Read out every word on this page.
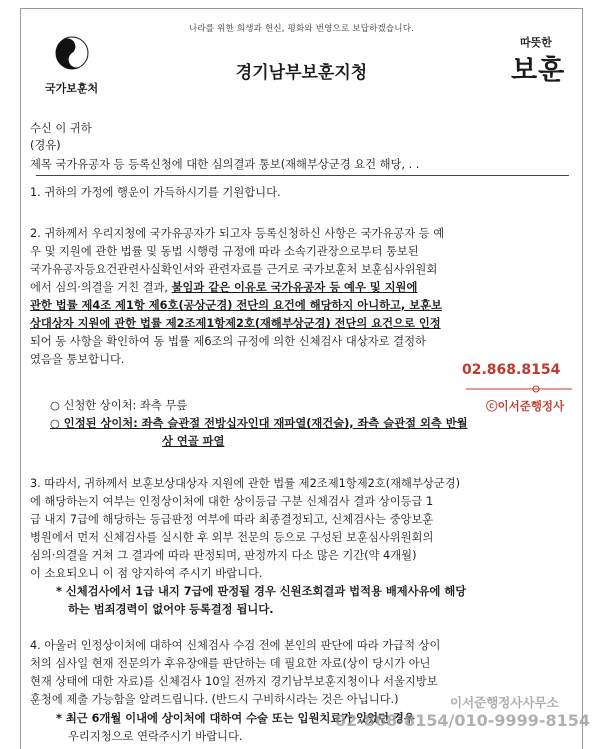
나라를 위한 희생과 헌신, 평화와 번영으로 보답하겠습니다.
국가보훈처
경기남부보훈지청
따뜻한
보훈
수신 이 귀하
(경유)
제목 국가유공자 등 등록신청에 대한 심의결과 통보(재해부상군경 요건 해당, . .
1. 귀하의 가정에 행운이 가득하시기를 기원합니다.
2. 귀하께서 우리지청에 국가유공자가 되고자 등록신청하신 사항은 국가유공자 등 예
우 및 지원에 관한 법률 및 동법 시행령 규정에 따라 소속기관장으로부터 통보된
국가유공자등요건관련사실확인서와 관련자료를 근거로 국가보훈처 보훈심사위원회
에서 심의·의결을 거친 결과, 불임과 같은 이유로 국가유공자 등 예우 및 지원에
관한 법률 제4조 제1항 제6호(공상군경) 전단의 요건에 해당하지 아니하고, 보훈보
상대상자 지원에 관한 법률 제2조제1항제2호(재해부상군경) 전단의 요건으로 인정
되어 동 사항을 확인하여 동 법률 제6조의 규정에 의한 신체검사 대상자로 결정하
였음을 통보합니다.
02.868.8154
ⓒ이서준행정사
○ 신청한 상이처: 좌측 무릎
○ 인정된 상이처: 좌측 슬관절 전방십자인대 재파열(재건술), 좌측 슬관절 외측 반월
상 연골 파열
3. 따라서, 귀하께서 보훈보상대상자 지원에 관한 법률 제2조제1항제2호(재해부상군경)
에 해당하는지 여부는 인정상이처에 대한 상이등급 구분 신체검사 결과 상이등급 1
급 내지 7급에 해당하는 등급판정 여부에 따라 최종결정되고, 신체검사는 중앙보훈
병원에서 먼저 신체검사를 실시한 후 외부 전문의 등으로 구성된 보훈심사위원회의
심의·의결을 거쳐 그 결과에 따라 판정되며, 판정까지 다소 많은 기간(약 4개월)
이 소요되오니 이 점 양지하여 주시기 바랍니다.
* 신체검사에서 1급 내지 7급에 판정될 경우 신원조회결과 법적용 배제사유에 해당
하는 범죄경력이 없어야 등록결정 됩니다.
4. 아울러 인정상이처에 대하여 신체검사 수검 전에 본인의 판단에 따라 가급적 상이
처의 심사일 현재 전문의가 후유장애를 판단하는 데 필요한 자료(상이 당시가 아닌
현재 상태에 대한 자료)를 신체검사 10일 전까지 경기남부보훈지청이나 서울지방보
훈청에 제출 가능함을 알려드립니다. (반드시 구비하시라는 것은 아닙니다.)
* 최근 6개월 이내에 상이처에 대하여 수술 또는 입원치료가 있었던 경우
우리지청으로 연락주시기 바랍니다.
이서준행정사사무소
02-868-8154/010-9999-8154
